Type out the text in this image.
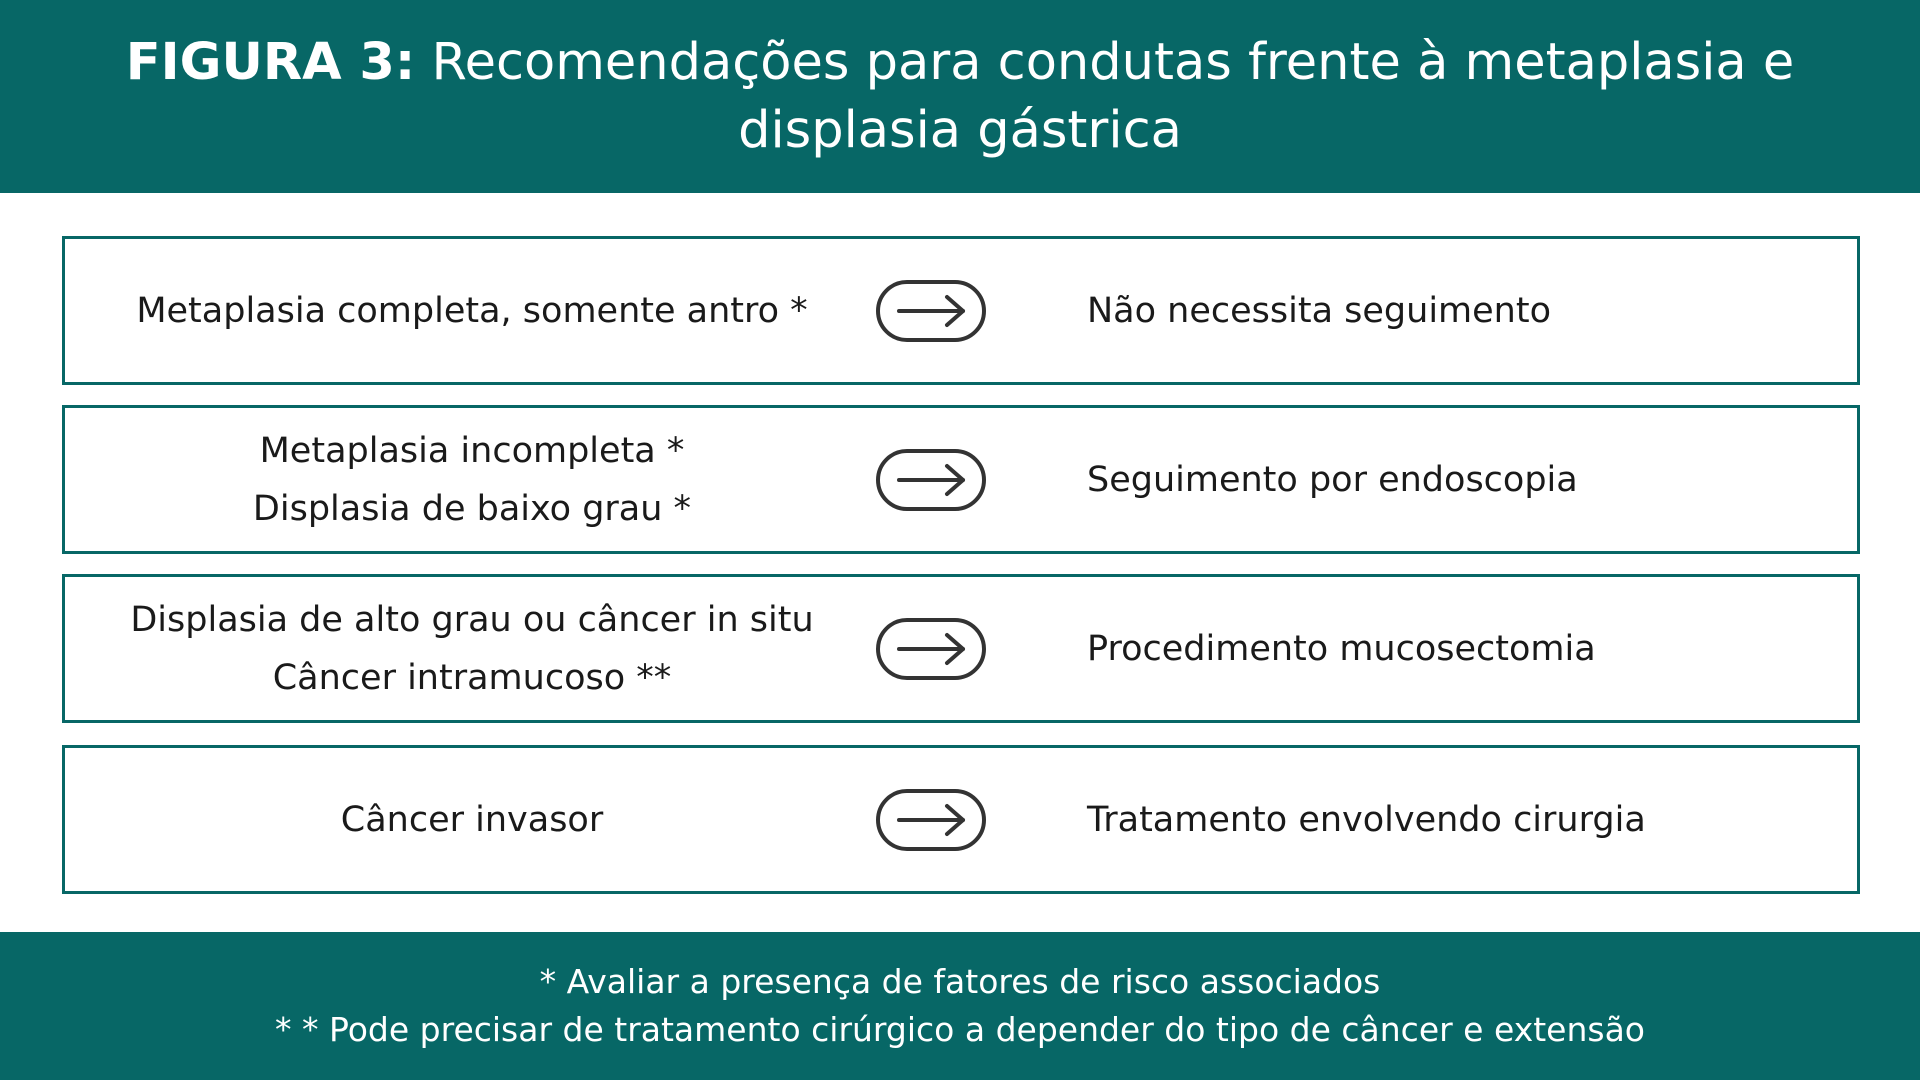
FIGURA 3: Recomendações para condutas frente à metaplasia e displasia gástrica
Metaplasia completa, somente antro *	Não necessita seguimento
Metaplasia incompleta *
Displasia de baixo grau *
Seguimento por endoscopia
Displasia de alto grau ou câncer in situ
Câncer intramucoso **
Procedimento mucosectomia
Câncer invasor	Tratamento envolvendo cirurgia
* Avaliar a presença de fatores de risco associados
* * Pode precisar de tratamento cirúrgico a depender do tipo de câncer e extensão
